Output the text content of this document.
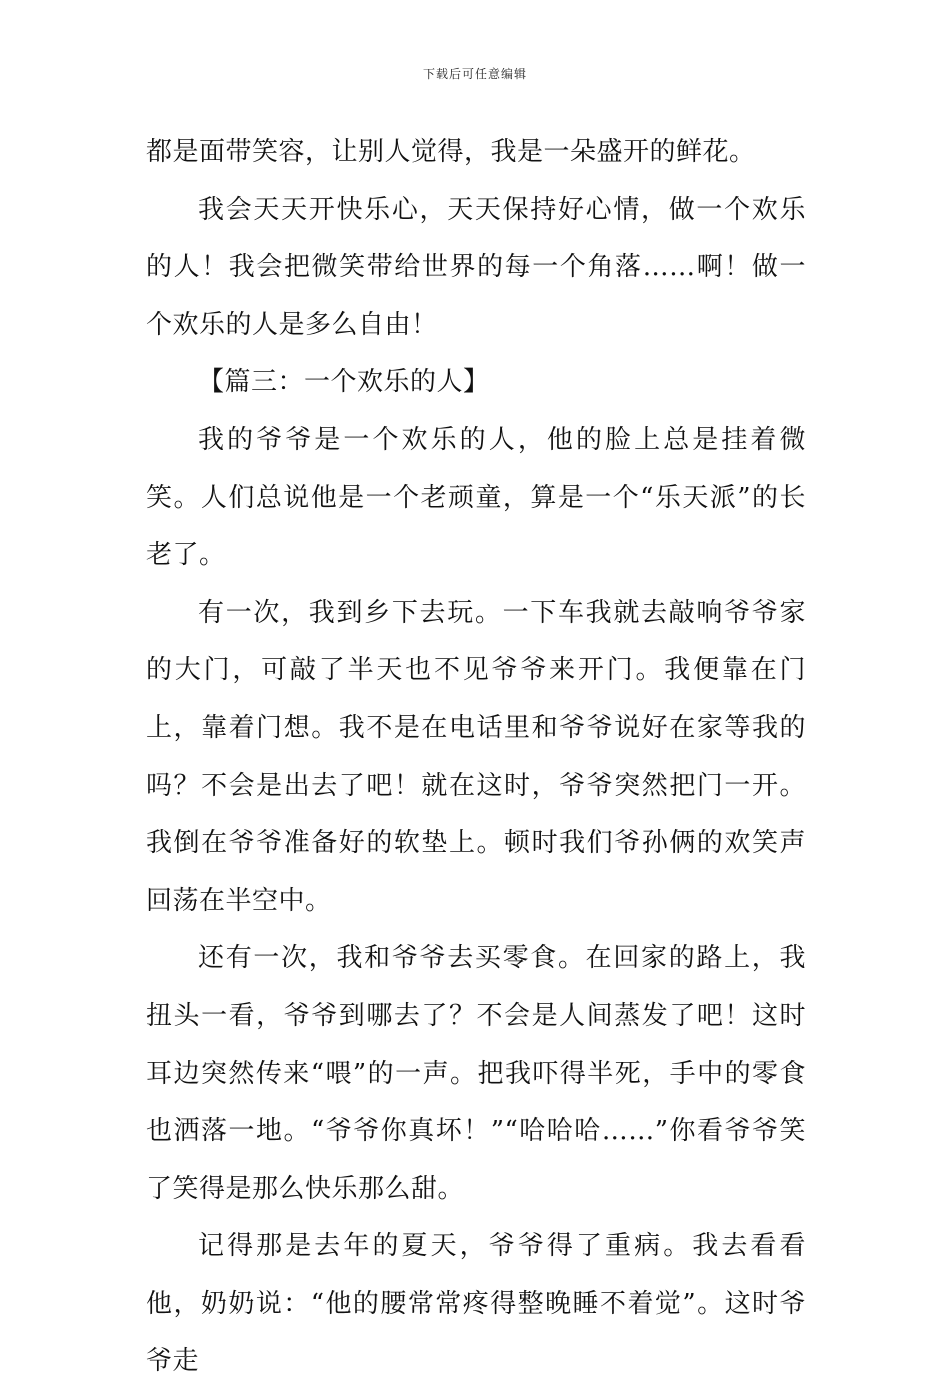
下载后可任意编辑

都是面带笑容，让别人觉得，我是一朵盛开的鲜花。

我会天天开快乐心，天天保持好心情，做一个欢乐的人！我会把微笑带给世界的每一个角落……啊！做一个欢乐的人是多么自由！

【篇三：一个欢乐的人】

我的爷爷是一个欢乐的人，他的脸上总是挂着微笑。人们总说他是一个老顽童，算是一个“乐天派”的长老了。

有一次，我到乡下去玩。一下车我就去敲响爷爷家的大门，可敲了半天也不见爷爷来开门。我便靠在门上，靠着门想。我不是在电话里和爷爷说好在家等我的吗？不会是出去了吧！就在这时，爷爷突然把门一开。我倒在爷爷准备好的软垫上。顿时我们爷孙俩的欢笑声回荡在半空中。

还有一次，我和爷爷去买零食。在回家的路上，我扭头一看，爷爷到哪去了？不会是人间蒸发了吧！这时耳边突然传来“喂”的一声。把我吓得半死，手中的零食也洒落一地。“爷爷你真坏！”“哈哈哈……”你看爷爷笑了笑得是那么快乐那么甜。

记得那是去年的夏天，爷爷得了重病。我去看看他，奶奶说：“他的腰常常疼得整晚睡不着觉”。这时爷爷走
